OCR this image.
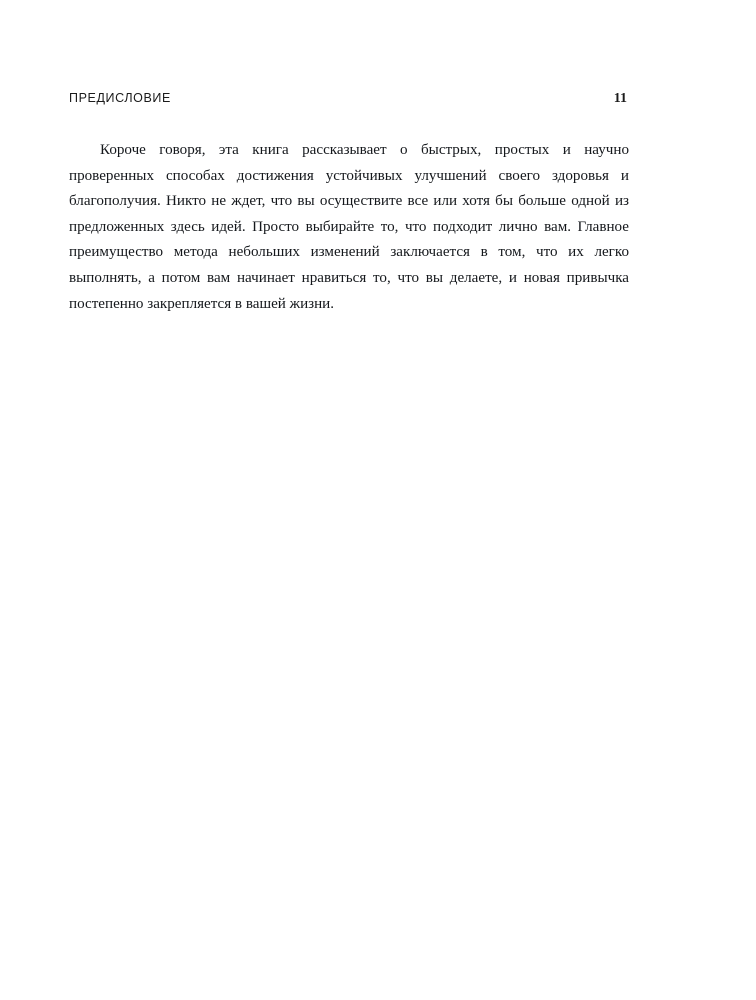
ПРЕДИСЛОВИЕ	11

Короче говоря, эта книга рассказывает о быстрых, простых и научно проверенных способах достижения устойчивых улучшений своего здоровья и благополучия. Никто не ждет, что вы осуществите все или хотя бы больше одной из предложенных здесь идей. Просто выбирайте то, что подходит лично вам. Главное преимущество метода небольших изменений заключается в том, что их легко выполнять, а потом вам начинает нравиться то, что вы делаете, и новая привычка постепенно закрепляется в вашей жизни.
